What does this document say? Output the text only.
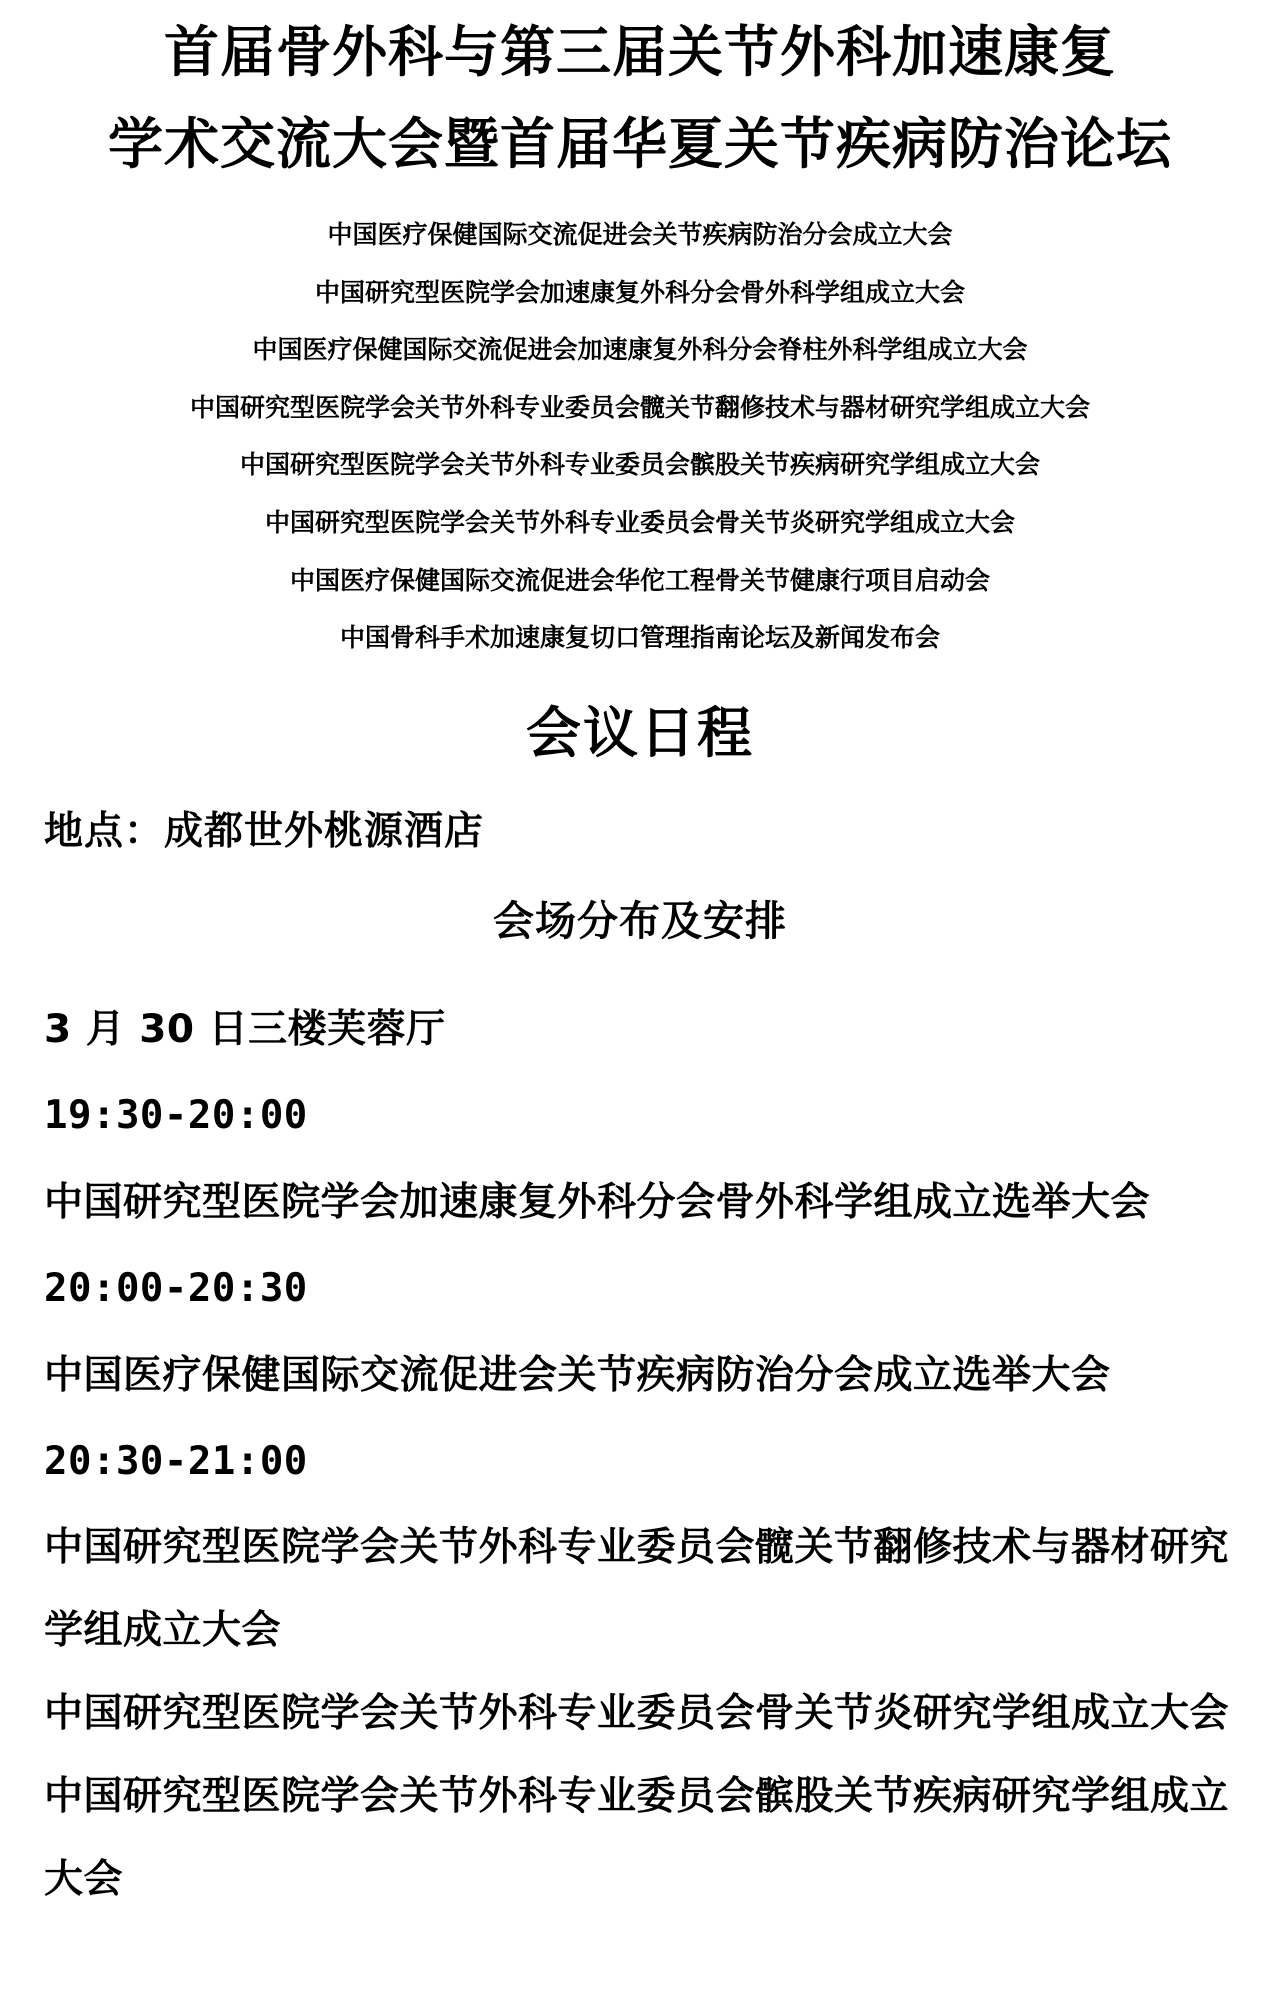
首届骨外科与第三届关节外科加速康复
学术交流大会暨首届华夏关节疾病防治论坛
中国医疗保健国际交流促进会关节疾病防治分会成立大会
中国研究型医院学会加速康复外科分会骨外科学组成立大会
中国医疗保健国际交流促进会加速康复外科分会脊柱外科学组成立大会
中国研究型医院学会关节外科专业委员会髋关节翻修技术与器材研究学组成立大会
中国研究型医院学会关节外科专业委员会髌股关节疾病研究学组成立大会
中国研究型医院学会关节外科专业委员会骨关节炎研究学组成立大会
中国医疗保健国际交流促进会华佗工程骨关节健康行项目启动会
中国骨科手术加速康复切口管理指南论坛及新闻发布会
会议日程
地点：成都世外桃源酒店
会场分布及安排
3 月 30 日三楼芙蓉厅
19:30-20:00
中国研究型医院学会加速康复外科分会骨外科学组成立选举大会
20:00-20:30
中国医疗保健国际交流促进会关节疾病防治分会成立选举大会
20:30-21:00
中国研究型医院学会关节外科专业委员会髋关节翻修技术与器材研究学组成立大会
中国研究型医院学会关节外科专业委员会骨关节炎研究学组成立大会
中国研究型医院学会关节外科专业委员会髌股关节疾病研究学组成立大会
